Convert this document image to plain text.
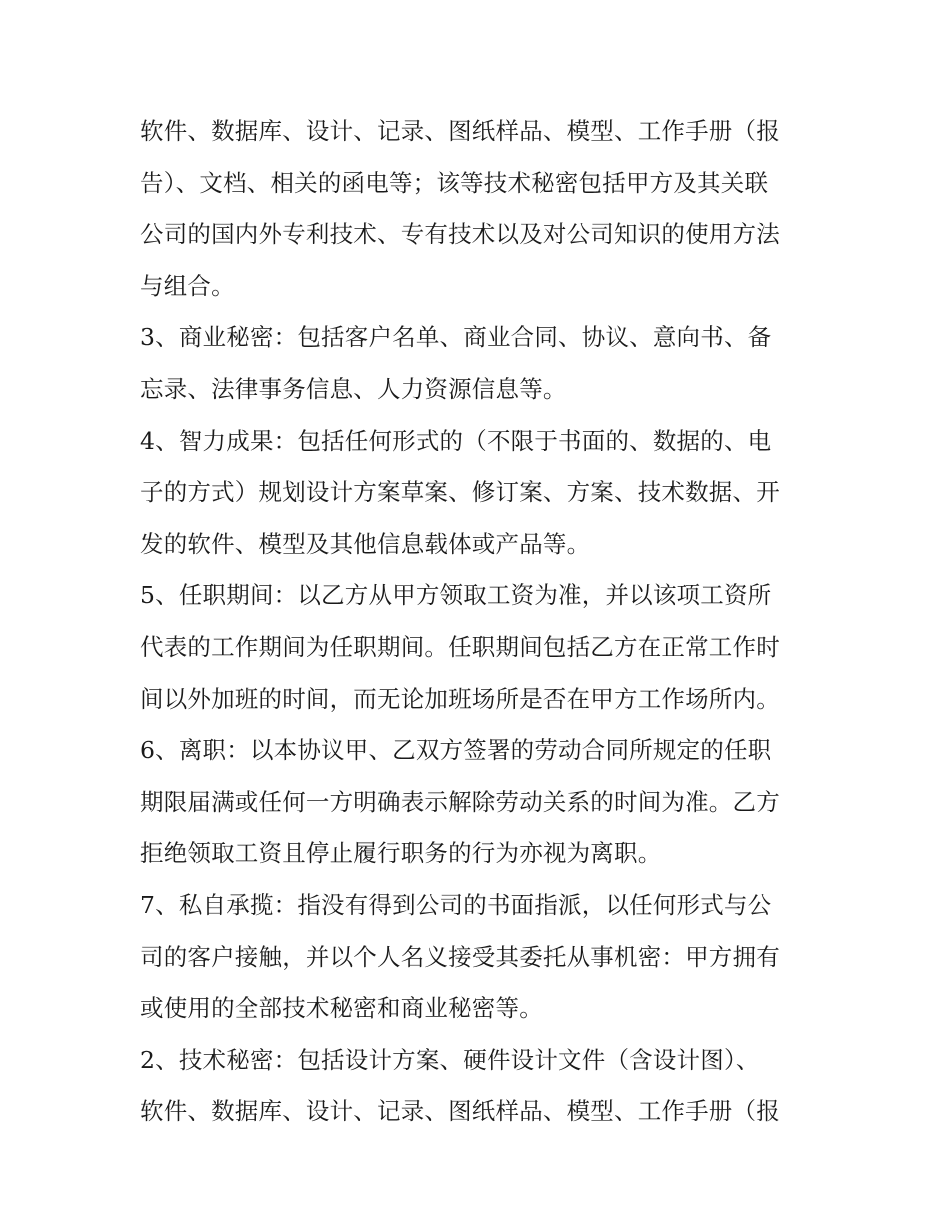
软件、数据库、设计、记录、图纸样品、模型、工作手册（报
告）、文档、相关的函电等；该等技术秘密包括甲方及其关联
公司的国内外专利技术、专有技术以及对公司知识的使用方法
与组合。
3、商业秘密：包括客户名单、商业合同、协议、意向书、备
忘录、法律事务信息、人力资源信息等。
4、智力成果：包括任何形式的（不限于书面的、数据的、电
子的方式）规划设计方案草案、修订案、方案、技术数据、开
发的软件、模型及其他信息载体或产品等。
5、任职期间：以乙方从甲方领取工资为准，并以该项工资所
代表的工作期间为任职期间。任职期间包括乙方在正常工作时
间以外加班的时间，而无论加班场所是否在甲方工作场所内。
6、离职：以本协议甲、乙双方签署的劳动合同所规定的任职
期限届满或任何一方明确表示解除劳动关系的时间为准。乙方
拒绝领取工资且停止履行职务的行为亦视为离职。
7、私自承揽：指没有得到公司的书面指派，以任何形式与公
司的客户接触，并以个人名义接受其委托从事机密：甲方拥有
或使用的全部技术秘密和商业秘密等。
2、技术秘密：包括设计方案、硬件设计文件（含设计图）、
软件、数据库、设计、记录、图纸样品、模型、工作手册（报
